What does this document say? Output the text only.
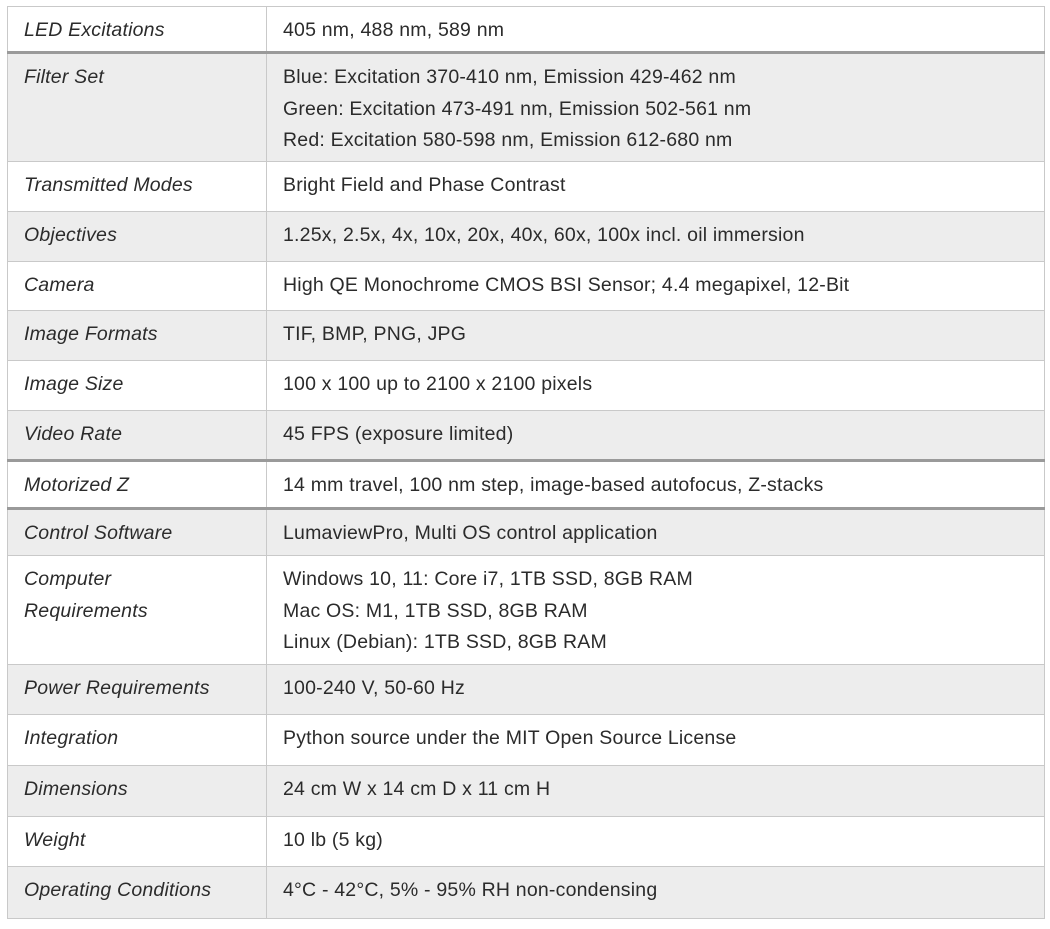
LED Excitations	405 nm, 488 nm, 589 nm

Filter Set	Blue: Excitation 370-410 nm, Emission 429-462 nm
Green: Excitation 473-491 nm, Emission 502-561 nm
Red: Excitation 580-598 nm, Emission 612-680 nm

Transmitted Modes	Bright Field and Phase Contrast

Objectives	1.25x, 2.5x, 4x, 10x, 20x, 40x, 60x, 100x incl. oil immersion

Camera	High QE Monochrome CMOS BSI Sensor; 4.4 megapixel, 12-Bit

Image Formats	TIF, BMP, PNG, JPG

Image Size	100 x 100 up to 2100 x 2100 pixels

Video Rate	45 FPS (exposure limited)

Motorized Z	14 mm travel, 100 nm step, image-based autofocus, Z-stacks

Control Software	LumaviewPro, Multi OS control application

Computer
Requirements	Windows 10, 11: Core i7, 1TB SSD, 8GB RAM
Mac OS: M1, 1TB SSD, 8GB RAM
Linux (Debian): 1TB SSD, 8GB RAM

Power Requirements	100-240 V, 50-60 Hz

Integration	Python source under the MIT Open Source License

Dimensions	24 cm W x 14 cm D x 11 cm H

Weight	10 lb (5 kg)

Operating Conditions	4°C - 42°C, 5% - 95% RH non-condensing
